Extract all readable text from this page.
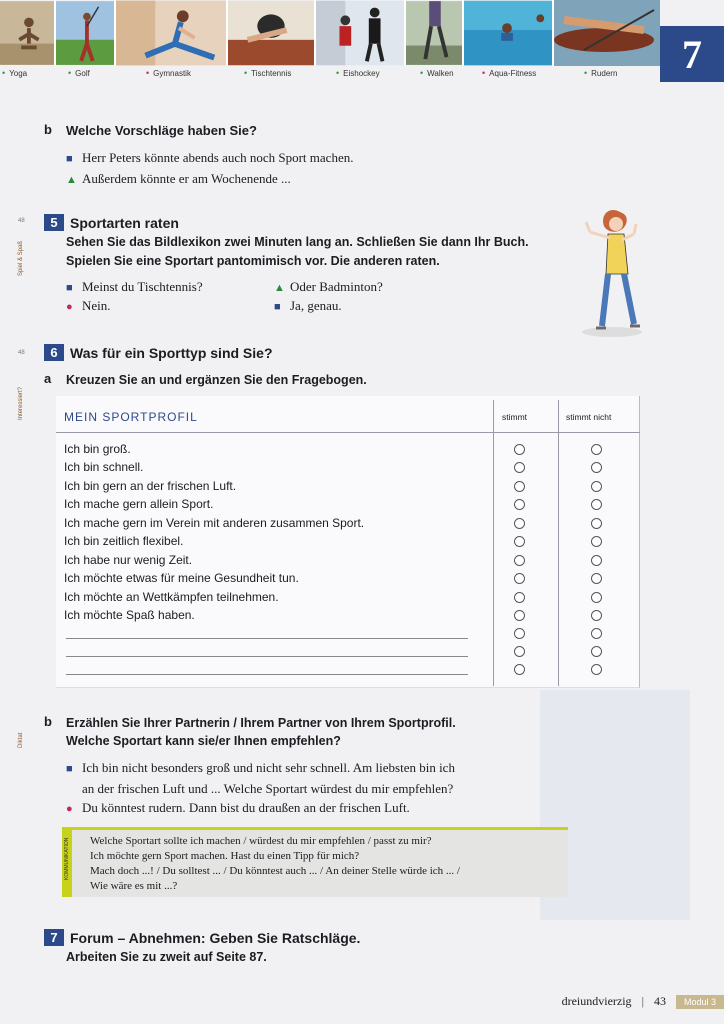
• Yoga	• Golf	• Gymnastik	• Tischtennis	• Eishockey	• Walken	• Aqua-Fitness	• Rudern	7
b Welche Vorschläge haben Sie?
■ Herr Peters könnte abends auch noch Sport machen.
▲ Außerdem könnte er am Wochenende ...
48
Spiel & Spaß
5 Sportarten raten
Sehen Sie das Bildlexikon zwei Minuten lang an. Schließen Sie dann Ihr Buch.
Spielen Sie eine Sportart pantomimisch vor. Die anderen raten.
■ Meinst du Tischtennis?	▲ Oder Badminton?
● Nein.	■ Ja, genau.
48
Interessiert?
6 Was für ein Sporttyp sind Sie?
a Kreuzen Sie an und ergänzen Sie den Fragebogen.
MEIN SPORTPROFIL	stimmt	stimmt nicht
Ich bin groß.
Ich bin schnell.
Ich bin gern an der frischen Luft.
Ich mache gern allein Sport.
Ich mache gern im Verein mit anderen zusammen Sport.
Ich bin zeitlich flexibel.
Ich habe nur wenig Zeit.
Ich möchte etwas für meine Gesundheit tun.
Ich möchte an Wettkämpfen teilnehmen.
Ich möchte Spaß haben.
Diktat
b Erzählen Sie Ihrer Partnerin / Ihrem Partner von Ihrem Sportprofil.
Welche Sportart kann sie/er Ihnen empfehlen?
■ Ich bin nicht besonders groß und nicht sehr schnell. Am liebsten bin ich
an der frischen Luft und ... Welche Sportart würdest du mir empfehlen?
● Du könntest rudern. Dann bist du draußen an der frischen Luft.
KOMMUNIKATION Welche Sportart sollte ich machen / würdest du mir empfehlen / passt zu mir?
Ich möchte gern Sport machen. Hast du einen Tipp für mich?
Mach doch ...! / Du solltest ... / Du könntest auch ... / An deiner Stelle würde ich ... /
Wie wäre es mit ...?
7 Forum – Abnehmen: Geben Sie Ratschläge.
Arbeiten Sie zu zweit auf Seite 87.
dreiundvierzig | 43	Modul 3
